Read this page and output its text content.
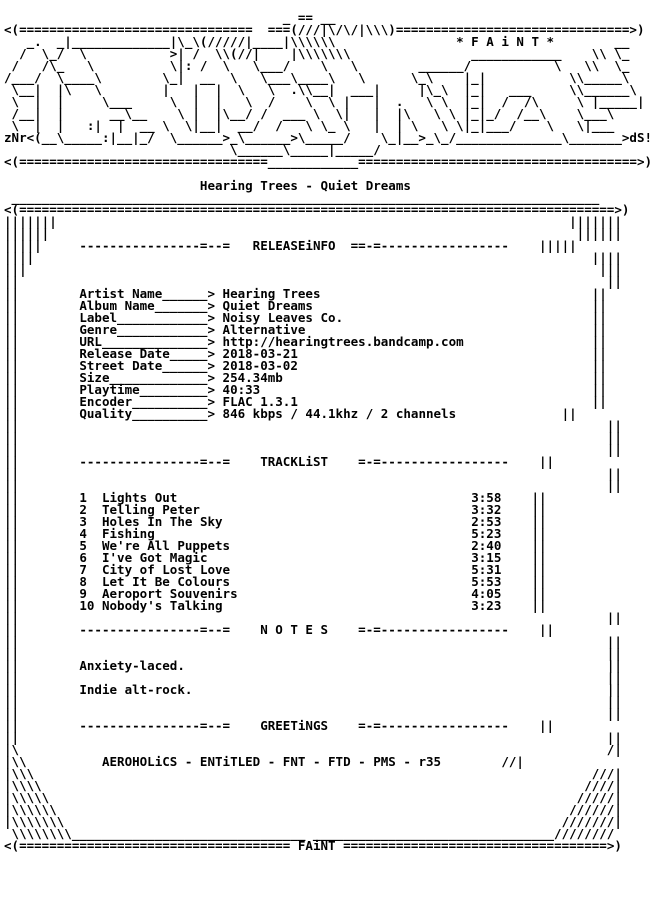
_ == __
<(===============================  ===(///|\/\/|\\\)===============================>)
_.  _|_____________|\_\(/////|____|\\\\\\	* F A i N T *	__
/  \_/  \           >| /  \\(//|    |\\\\\\\                ____________    \\ \_
/   /\_   \          \|: /  \   \___/    \   \        ______/           \   \\  \_
/___/  \____\        \_|  __  \   \___\____\   \      \_\    |_|           \\_____\
\__|  |\   \        |   |  |  \   \  .\\__|  ___|     |\_\  |_|   ___     \\______\
\  |  |     \___     \  |  |   \  /    \  \ |   |  .   \ \  |_|  /  /\     \ |_____|
/__|  |      __\__    \ |  |\__/ /  ___ \  \|   |  |\   \ \ |_|_/  /__\    \___\
\  |  |   :|  |  __ \  \|__|  __/  /   \ \_ \   |  | \   \ \|_|___/    \   \|___
zNr<(__\_____:|__|_/  \______>_\______>\_____/    \_|__>_\_/______________\_______>dS!
\______\_____|_____/
<(=================================____________=====================================>)

Hearing Trees - Quiet Dreams
______________________________________________________________________________
<(===============================================================================>)
|||||||                                                                    |||||||
||||||                                                                      ||||||
|||||     ----------------=--=   RELEASEiNFO  ==-=-----------------    |||||
||||                                                                          ||||
|||                                                                            |||
||                                                                              ||
||	Artist Name______> Hearing Trees	||
||	Album Name_______> Quiet Dreams	||
||	Label____________> Noisy Leaves Co.	||
||	Genre____________> Alternative	||
||	URL______________> http://hearingtrees.bandcamp.com	||
||	Release Date_____> 2018-03-21	||
||	Street Date______> 2018-03-02	||
||	Size_____________> 254.34mb	||
||	Playtime_________> 40:33	||
||	Encoder__________> FLAC 1.3.1	||
||	Quality__________> 846 kbps / 44.1khz / 2 channels	||
||                                                                              ||
||                                                                              ||
||                                                                              ||
||        ----------------=--=    TRACKLiST    =-=-----------------    ||
||                                                                              ||
||                                                                              ||
||	1 Lights Out	3:58    ||
||	2 Telling Peter	3:32    ||
||	3 Holes In The Sky	2:53    ||
||	4 Fishing	5:23    ||
||	5 We're All Puppets	2:40    ||
||	6 I've Got Magic	3:15    ||
||	7 City of Lost Love	5:31    ||
||	8 Let It Be Colours	5:53    ||
||	9 Aeroport Souvenirs	4:05    ||
||	10 Nobody's Talking	3:23    ||
||                                                                              ||
||        ----------------=--=    N O T E S    =-=-----------------    ||
||                                                                              ||
||                                                                              ||
||	Anxiety-laced.	||
||                                                                              ||
||	Indie alt-rock.	||
||                                                                              ||
||                                                                              ||
||        ----------------=--=    GREETiNGS    =-=-----------------    ||
||                                                                              ||
|\                                                                              /|
|\\	AEROHOLiCS - ENTiTLED - FNT - FTD - PMS - r35	//|
|\\\                                                                          ///|
|\\\\                                                                        ////|
|\\\\\                                                                      /////|
|\\\\\\                                                                    //////|
|\\\\\\\                                                                  ///////|
\\\\\\\\_______________________________ ________________________________////////
<(==================================== FAiNT ===================================>)
